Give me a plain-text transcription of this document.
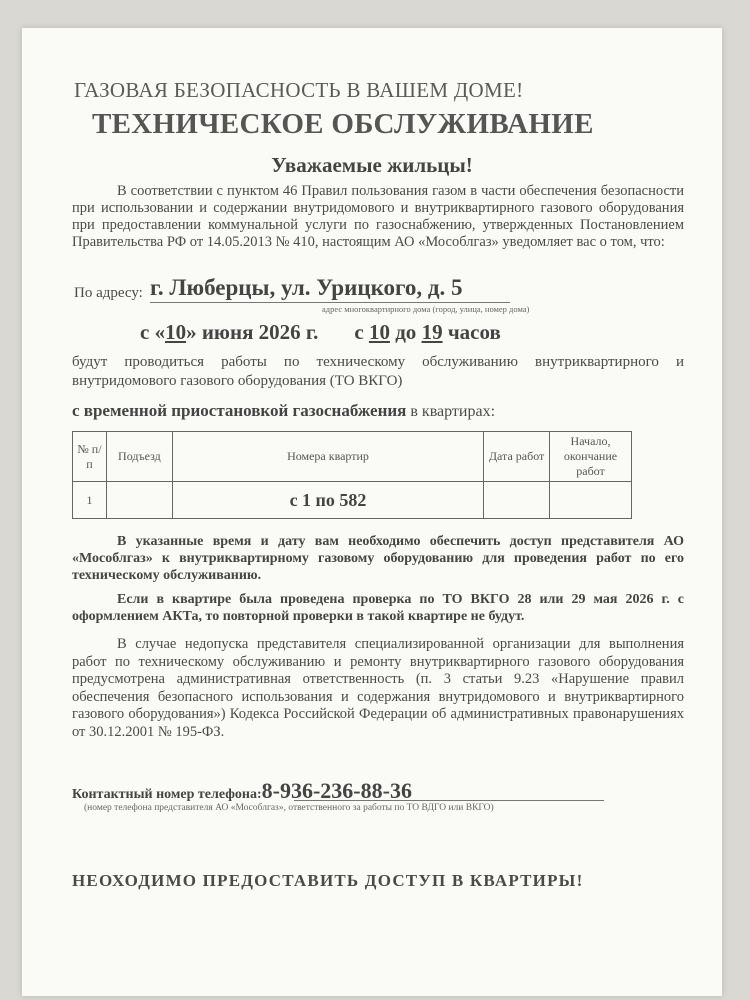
ГАЗОВАЯ БЕЗОПАСНОСТЬ В ВАШЕМ ДОМЕ!
ТЕХНИЧЕСКОЕ ОБСЛУЖИВАНИЕ
Уважаемые жильцы!
В соответствии с пунктом 46 Правил пользования газом в части обеспечения безопасности при использовании и содержании внутридомового и внутриквартирного газового оборудования при предоставлении коммунальной услуги по газоснабжению, утвержденных Постановлением Правительства РФ от 14.05.2013 № 410, настоящим АО «Мособлгаз» уведомляет вас о том, что:
По адресу: г. Люберцы, ул. Урицкого, д. 5
адрес многоквартирного дома (город, улица, номер дома)
с «10» июня 2026 г. с 10 до 19 часов
будут проводиться работы по техническому обслуживанию внутриквартирного и внутридомового газового оборудования (ТО ВКГО)
с временной приостановкой газоснабжения в квартирах:
№ п/п	Подъезд	Номера квартир	Дата работ	Начало, окончание работ
1		с 1 по 582		
В указанные время и дату вам необходимо обеспечить доступ представителя АО «Мособлгаз» к внутриквартирному газовому оборудованию для проведения работ по его техническому обслуживанию.
Если в квартире была проведена проверка по ТО ВКГО 28 или 29 мая 2026 г. с оформлением АКТа, то повторной проверки в такой квартире не будут.
В случае недопуска представителя специализированной организации для выполнения работ по техническому обслуживанию и ремонту внутриквартирного газового оборудования предусмотрена административная ответственность (п. 3 статьи 9.23 «Нарушение правил обеспечения безопасного использования и содержания внутридомового и внутриквартирного газового оборудования») Кодекса Российской Федерации об административных правонарушениях от 30.12.2001 № 195-ФЗ.
Контактный номер телефона:8-936-236-88-36
(номер телефона представителя АО «Мособлгаз», ответственного за работы по ТО ВДГО или ВКГО)
НЕОХОДИМО ПРЕДОСТАВИТЬ ДОСТУП В КВАРТИРЫ!
